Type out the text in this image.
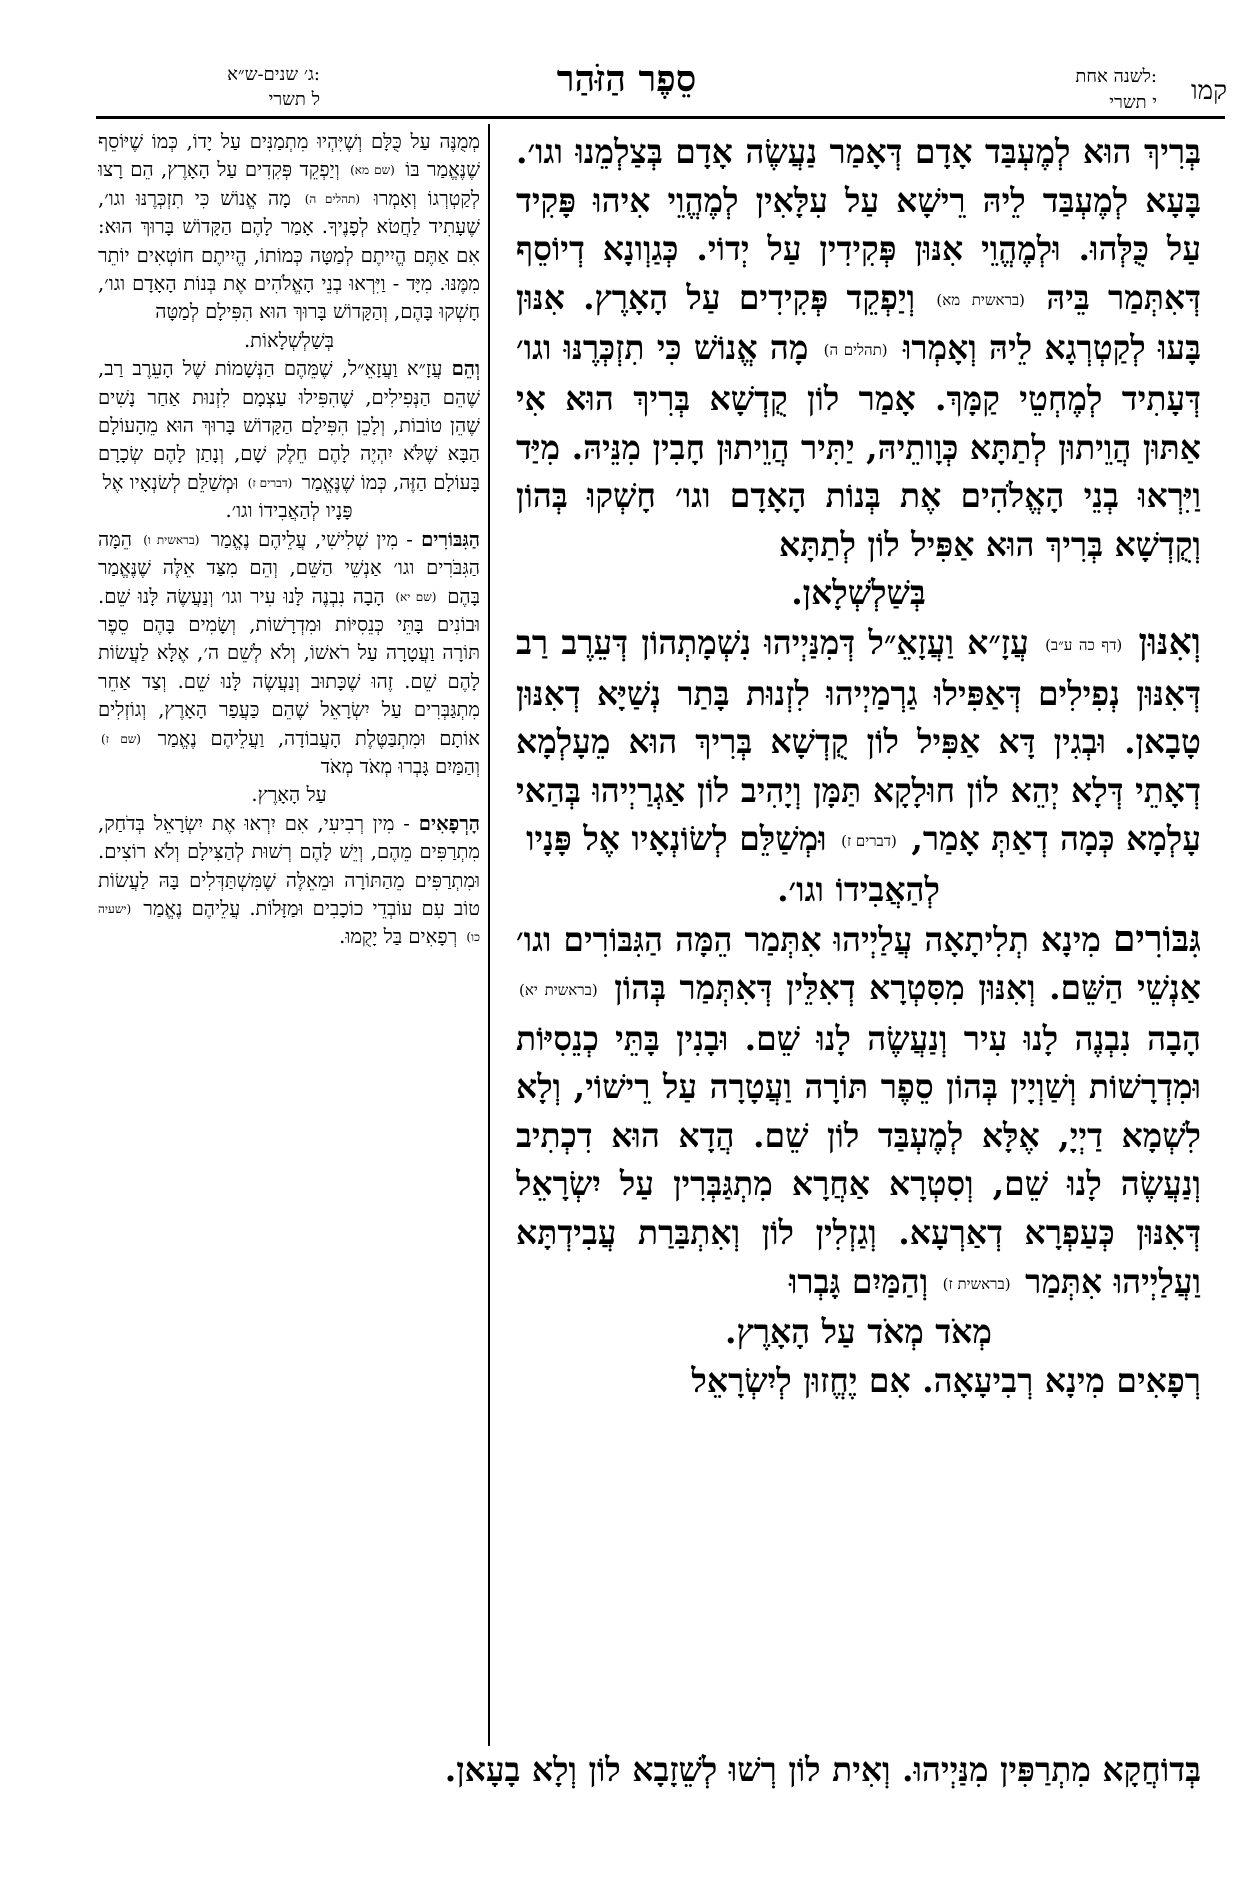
קמו
לשנה אחת:
י תשרי
סֵפֶר הַזֹּהַר
ג׳ שנים-ש״א:
ל תשרי

בְּרִיךְ הוּא לְמֶעְבַּד אָדָם דְּאָמַר נַעֲשֶׂה אָדָם בְּצַלְמֵנוּ וגו׳. בָּעָא לְמֶעְבַּד לֵיהּ רֵישָׁא עַל עִלָּאִין לְמֶהֱוֵי אִיהוּ פָּקִיד עַל כֻּלְּהוּ. וּלְמֶהֱוֵי אִנּוּן פְּקִידִין עַל יְדוֹי. כְּגַוְונָא דְיוֹסֵף דְּאִתְּמַר בֵּיהּ (בראשית מא) וְיַפְקֵד פְּקִידִים עַל הָאָרֶץ. אִנּוּן בָּעוּ לְקַטְרְגָא לֵיהּ וְאָמְרוּ (תהלים ה) מָה אֱנוֹשׁ כִּי תִזְכְּרֶנּוּ וגו׳ דְּעָתִיד לְמֶחְטֵי קַמָּךְ. אָמַר לוֹן קֻדְשָׁא בְּרִיךְ הוּא אִי אַתּוּן הֲוֵיתוּן לְתַתָּא כְּוָותֵיהּ, יַתִּיר הֲוֵיתוּן חָבִין מִנֵּיהּ. מִיַּד וַיִּרְאוּ בְנֵי הָאֱלֹהִים אֶת בְּנוֹת הָאָדָם וגו׳ חָשְׁקוּ בְּהוֹן וְקֻדְשָׁא בְּרִיךְ הוּא אַפִּיל לוֹן לְתַתָּא

בְּשַׁלְשְׁלָאן.

וְאִנּוּן (דף כה ע״ב) עֲזָ״א וַעֲזָאֵ״ל דְּמִנַּיְיהוּ נִשְׁמָתְהוֹן דְּעֵרֶב רַב דְּאִנּוּן נְפִילִים דְּאַפִּילוּ גַרְמַיְיהוּ לִזְנוּת בָּתַר נְשַׁיָּא דְאִנּוּן טָבָאן. וּבְגִין דָּא אַפִּיל לוֹן קֻדְשָׁא בְּרִיךְ הוּא מֵעָלְמָא דְאָתֵי דְּלָא יְהֵא לוֹן חוּלָקָא תַּמָּן וְיָהִיב לוֹן אַגְרַיְיהוּ בְּהַאי עָלְמָא כְּמָה דְאַתְּ אָמַר, (דברים ז) וּמְשַׁלֵּם לְשׂוֹנְאָיו אֶל פָּנָיו

לְהַאֲבִידוֹ וגו׳.

גִּבּוֹרִים מִינָא תְלִיתָאָה עֲלַיְיהוּ אִתְּמַר הֵמָּה הַגִּבּוֹרִים וגו׳ אַנְשֵׁי הַשֵּׁם. וְאִנּוּן מִסִּטְרָא דְאִלֵּין דְּאִתְּמַר בְּהוֹן (בראשית יא) הָבָה נִבְנֶה לָנוּ עִיר וְנַעֲשֶׂה לָנוּ שֵׁם. וּבָנִין בָּתֵּי כְנֵסִיּוֹת וּמִדְרָשׁוֹת וְשַׁוְיָין בְּהוֹן סֵפֶר תּוֹרָה וַעֲטָרָה עַל רֵישׁוֹי, וְלָא לִשְׁמָא דַיְיָ, אֶלָּא לְמֶעְבַּד לוֹן שֵׁם. הֲדָא הוּא דִכְתִיב וְנַעֲשֶׂה לָנוּ שֵׁם, וְסִטְרָא אַחֲרָא מִתְגַּבְּרִין עַל יִשְׂרָאֵל דְּאִנּוּן כְּעַפְרָא דְאַרְעָא. וְגַזְלִין לוֹן וְאִתְבַּרַת עֲבִידְתָּא וַעֲלַיְיהוּ אִתְּמַר (בראשית ז) וְהַמַּיִם גָּבְרוּ

מְאֹד מְאֹד עַל הָאָרֶץ.

רְפָאִים מִינָא רְבִיעָאָה. אִם יֶחֱזוּן לְיִשְׂרָאֵל

מְמֻנֶּה עַל כֻּלָּם וְשֶׁיִּהְיוּ מִתְמַנִּים עַל יָדוֹ, כְּמוֹ שֶׁיּוֹסֵף שֶׁנֶּאֱמַר בּוֹ (שם מא) וְיַפְקֵד פְּקִדִים עַל הָאָרֶץ, הֵם רָצוּ לְקַטְרְגוֹ וְאָמְרוּ (תהלים ה) מָה אֱנוֹשׁ כִּי תִזְכְּרֶנּוּ וגו׳, שֶׁעָתִיד לַחֲטֹא לְפָנֶיךָ. אָמַר לָהֶם הַקָּדוֹשׁ בָּרוּךְ הוּא: אִם אַתֶּם הֱיִיתֶם לְמַטָּה כְּמוֹתוֹ, הֱיִיתֶם חוֹטְאִים יוֹתֵר מִמֶּנּוּ. מִיָּד - וַיִּרְאוּ בְנֵי הָאֱלֹהִים אֶת בְּנוֹת הָאָדָם וגו׳, חָשְׁקוּ בָּהֶם, וְהַקָּדוֹשׁ בָּרוּךְ הוּא הִפִּילָם לְמַטָּה

בְּשַׁלְשְׁלָאוֹת.

וְהֵם עֲזָ״א וַעֲזָאֵ״ל, שֶׁמֵּהֶם הַנְּשָׁמוֹת שֶׁל הָעֵרֶב רַב, שֶׁהֵם הַנְּפִילִים, שֶׁהִפִּילוּ עַצְמָם לִזְנוּת אַחַר נָשִׁים שֶׁהֵן טוֹבוֹת, וְלָכֵן הִפִּילָם הַקָּדוֹשׁ בָּרוּךְ הוּא מֵהָעוֹלָם הַבָּא שֶׁלֹּא יִהְיֶה לָהֶם חֵלֶק שָׁם, וְנָתַן לָהֶם שְׂכָרָם בָּעוֹלָם הַזֶּה, כְּמוֹ שֶׁנֶּאֱמַר (דברים ז) וּמְשַׁלֵּם לְשׂנְאָיו אֶל

פָּנָיו לְהַאֲבִידוֹ וגו׳.

הַגִּבּוֹרִים - מִין שְׁלִישִׁי, עֲלֵיהֶם נֶאֱמַר (בראשית ו) הֵמָּה הַגִּבֹּרִים וגו׳ אַנְשֵׁי הַשֵּׁם, וְהֵם מִצַּד אֵלֶּה שֶׁנֶּאֱמַר בָּהֶם (שם יא) הָבָה נִבְנֶה לָּנוּ עִיר וגו׳ וְנַעֲשֶׂה לָּנוּ שֵׁם. וּבוֹנִים בָּתֵּי כְּנֵסִיּוֹת וּמִדְרָשׁוֹת, וְשָׂמִים בָּהֶם סֵפֶר תּוֹרָה וַעֲטָרָה עַל רֹאשׁוֹ, וְלֹא לְשֵׁם ה׳, אֶלָּא לַעֲשׂוֹת לָהֶם שֵׁם. זֶהוּ שֶׁכָּתוּב וְנַעֲשֶׂה לָּנוּ שֵׁם. וְצַד אַחֵר מִתְגַּבְּרִים עַל יִשְׂרָאֵל שֶׁהֵם כַּעֲפַר הָאָרֶץ, וְגוֹזְלִים אוֹתָם וּמִתְבַּטֶּלֶת הָעֲבוֹדָה, וַעֲלֵיהֶם נֶאֱמַר (שם ז) וְהַמַּיִם גָּבְרוּ מְאֹד מְאֹד

עַל הָאָרֶץ.

הָרְפָאִים - מִין רְבִיעִי, אִם יִרְאוּ אֶת יִשְׂרָאֵל בְּדֹחַק, מִתְרַפִּים מֵהֶם, וְיֵשׁ לָהֶם רְשׁוּת לְהַצִּילָם וְלֹא רוֹצִים. וּמִתְרַפִּים מֵהַתּוֹרָה וּמֵאֵלֶּה שֶׁמִּשְׁתַּדְּלִים בָּהּ לַעֲשׂוֹת טוֹב עִם עוֹבְדֵי כוֹכָבִים וּמַזָּלוֹת. עֲלֵיהֶם נֶאֱמַר (ישעיה כו) רְפָאִים בַּל יָקֻמוּ.

בְּדוֹחֲקָא מִתְרַפִּין מִנַּיְיהוּ. וְאִית לוֹן רְשׁוּ לְשֵׁזָבָא לוֹן וְלָא בָעָאן.
